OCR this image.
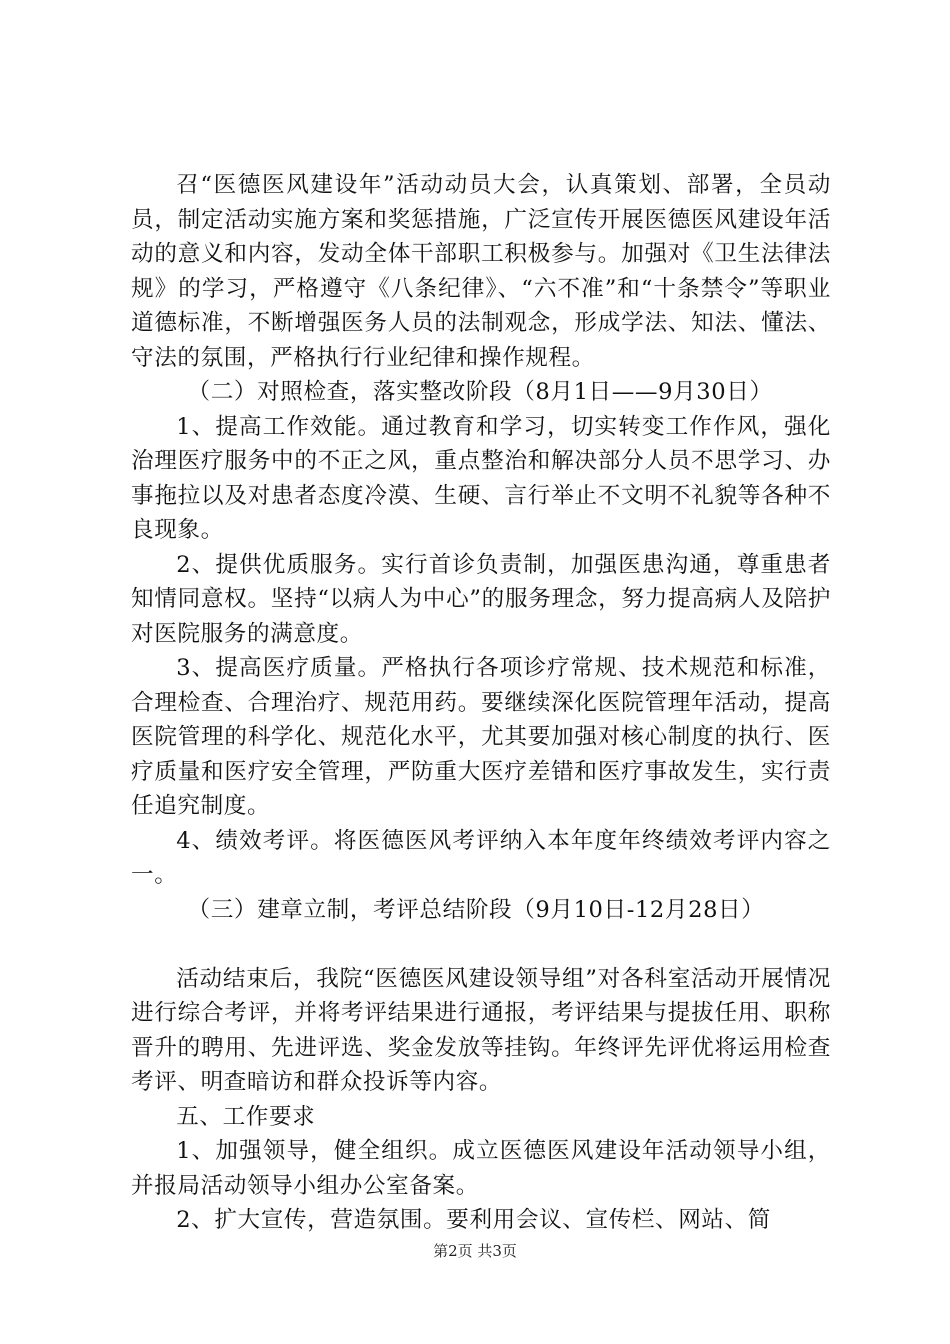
召“医德医风建设年”活动动员大会，认真策划、部署，全员动员，制定活动实施方案和奖惩措施，广泛宣传开展医德医风建设年活动的意义和内容，发动全体干部职工积极参与。加强对《卫生法律法规》的学习，严格遵守《八条纪律》、“六不准”和“十条禁令”等职业道德标准，不断增强医务人员的法制观念，形成学法、知法、懂法、守法的氛围，严格执行行业纪律和操作规程。

（二）对照检查，落实整改阶段（8月1日——9月30日）

1、提高工作效能。通过教育和学习，切实转变工作作风，强化治理医疗服务中的不正之风，重点整治和解决部分人员不思学习、办事拖拉以及对患者态度冷漠、生硬、言行举止不文明不礼貌等各种不良现象。

2、提供优质服务。实行首诊负责制，加强医患沟通，尊重患者知情同意权。坚持“以病人为中心”的服务理念，努力提高病人及陪护对医院服务的满意度。

3、提高医疗质量。严格执行各项诊疗常规、技术规范和标准，合理检查、合理治疗、规范用药。要继续深化医院管理年活动，提高医院管理的科学化、规范化水平，尤其要加强对核心制度的执行、医疗质量和医疗安全管理，严防重大医疗差错和医疗事故发生，实行责任追究制度。

4、绩效考评。将医德医风考评纳入本年度年终绩效考评内容之一。

（三）建章立制，考评总结阶段（9月10日-12月28日）

活动结束后，我院“医德医风建设领导组”对各科室活动开展情况进行综合考评，并将考评结果进行通报，考评结果与提拔任用、职称晋升的聘用、先进评选、奖金发放等挂钩。年终评先评优将运用检查考评、明查暗访和群众投诉等内容。

五、工作要求

1、加强领导，健全组织。成立医德医风建设年活动领导小组，并报局活动领导小组办公室备案。

2、扩大宣传，营造氛围。要利用会议、宣传栏、网站、简

第2页 共3页
